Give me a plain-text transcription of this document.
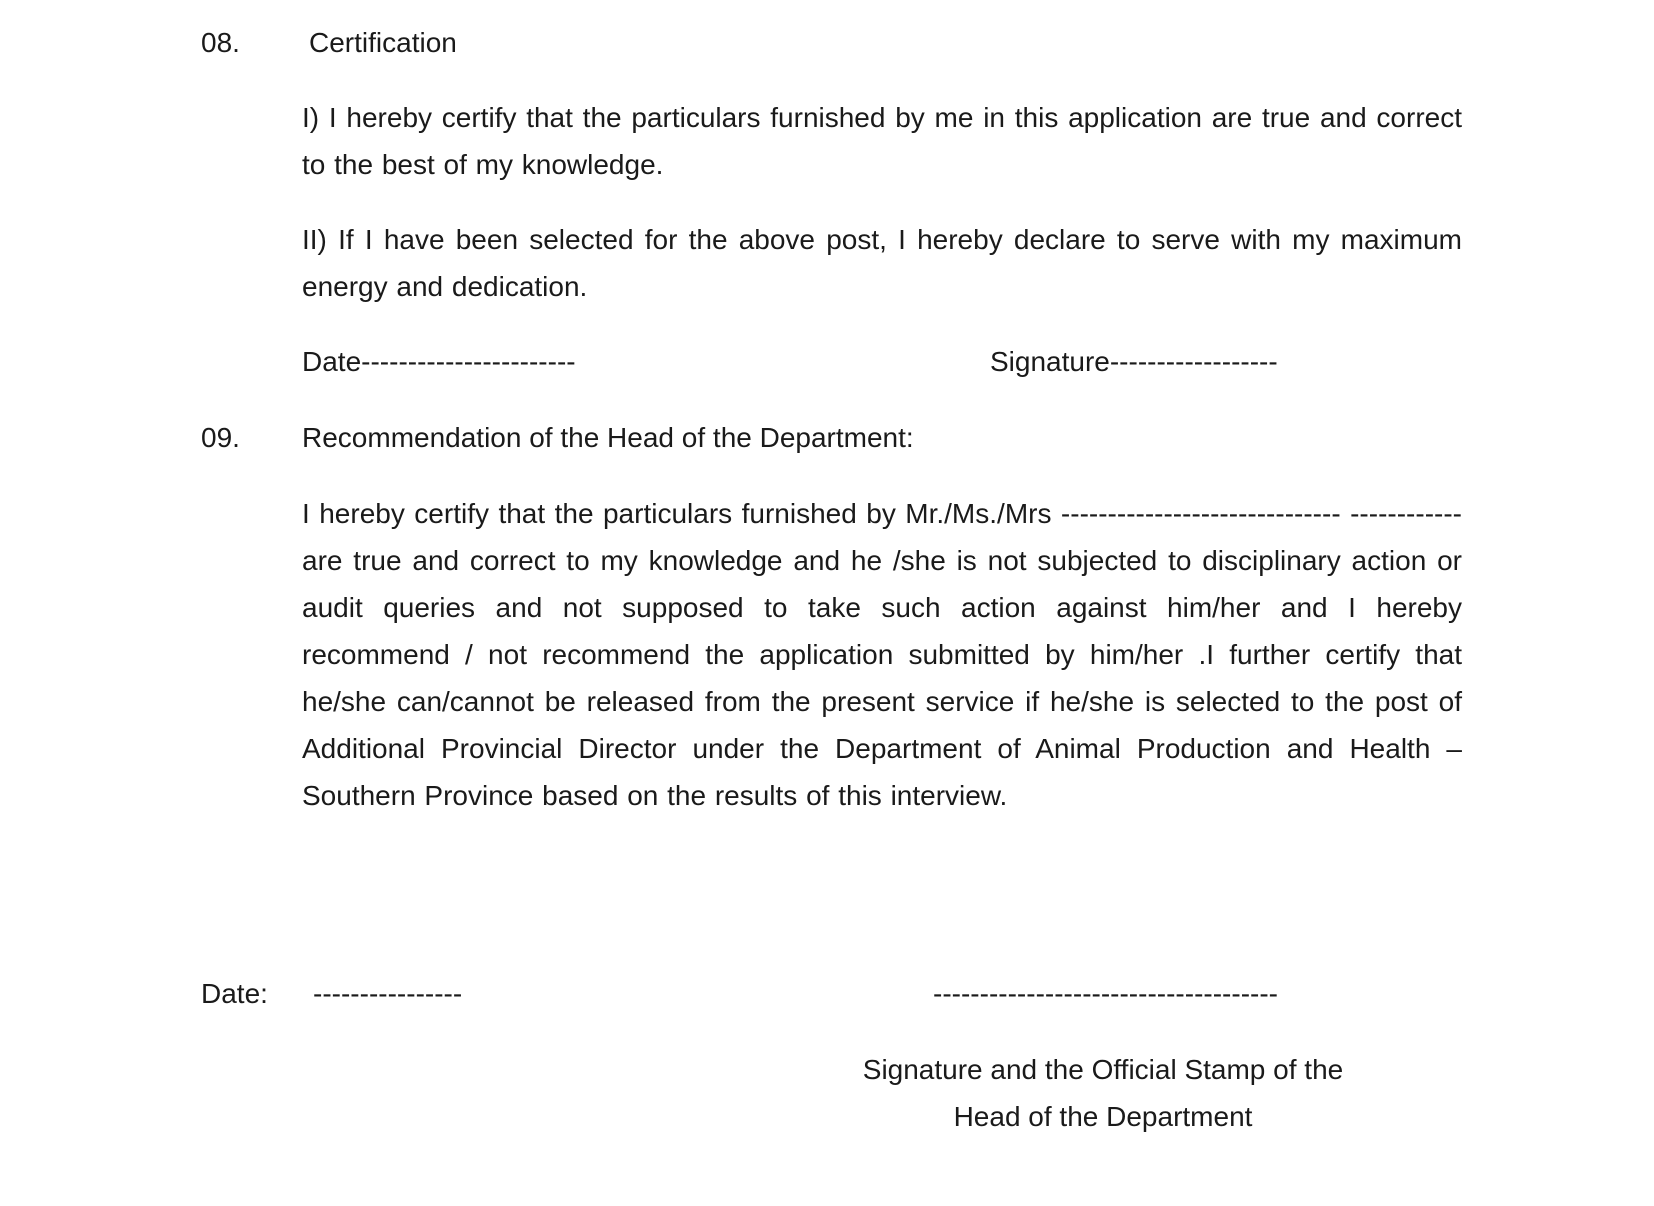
08. Certification
I) I hereby certify that the particulars furnished by me in this application are true and correct to the best of my knowledge.
II) If I have been selected for the above post, I hereby declare to serve with my maximum energy and dedication.
Date-----------------------	Signature------------------
09. Recommendation of the Head of the Department:
I hereby certify that the particulars furnished by Mr./Ms./Mrs ------------------------------ ------------are true and correct to my knowledge and he /she is not subjected to disciplinary action or audit queries and not supposed to take such action against him/her and I hereby recommend / not recommend the application submitted by him/her .I further certify that he/she can/cannot be released from the present service if he/she is selected to the post of Additional Provincial Director under the Department of Animal Production and Health –Southern Province based on the results of this interview.
Date: ----------------	-------------------------------------
Signature and the Official Stamp of the
Head of the Department
